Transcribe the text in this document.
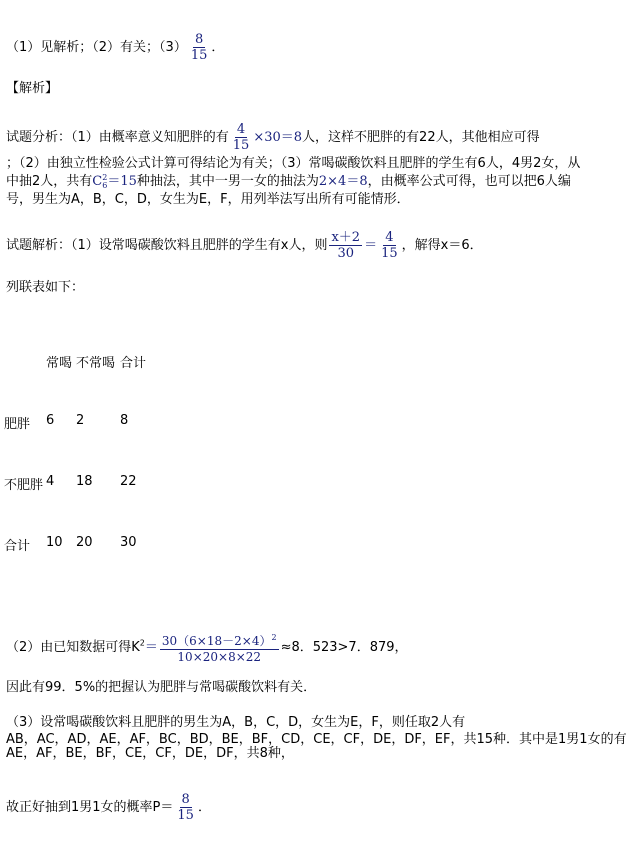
（1）见解析；（2）有关；$(3) \frac{8}{15}$ ．
【解析】
试题分析：（1）由概率意义知肥胖的有 $\frac{4}{15} \times 30=8$人，这样不肥胖的有22人，其他相应可得
；（2）由独立性检验公式计算可得结论为有关；（3）常喝碳酸饮料且肥胖的学生有6人，4男2女，从
中抽2人，共有C 2
6 ＝15种抽法，其中一男一女的抽法为2×4＝8，由概率公式可得，也可以把6人编
号，男生为A，B，C，D，女生为E，F，用列举法写出所有可能情形．
试题解析：（1）设常喝碳酸饮料且肥胖的学生有x人，则 $\frac{x+2}{30} = \frac{4}{15}$ ，解得x＝6．
列联表如下：
常喝 不常喝 合计
肥胖 6 2	8
不肥胖 4 18 22
合计 10 20 30
（2）由已知数据可得$K^2= \frac{30(6\times 18-2\times 4)^2}{10\times 20\times 8\times 22} \approx 8$．523>7．879，
因此有99．5%的把握认为肥胖与常喝碳酸饮料有关．
（3）设常喝碳酸饮料且肥胖的男生为A，B，C，D，女生为E，F，则任取2人有
AB，AC，AD，AE，AF，BC，BD，BE，BF，CD，CE，CF，DE，DF，EF，共15种．其中是1男1女的有
AE，AF，BE，BF，CE，CF，DE，DF，共8种，
故正好抽到1男1女的概率$P= \frac{8}{15}$ ．
